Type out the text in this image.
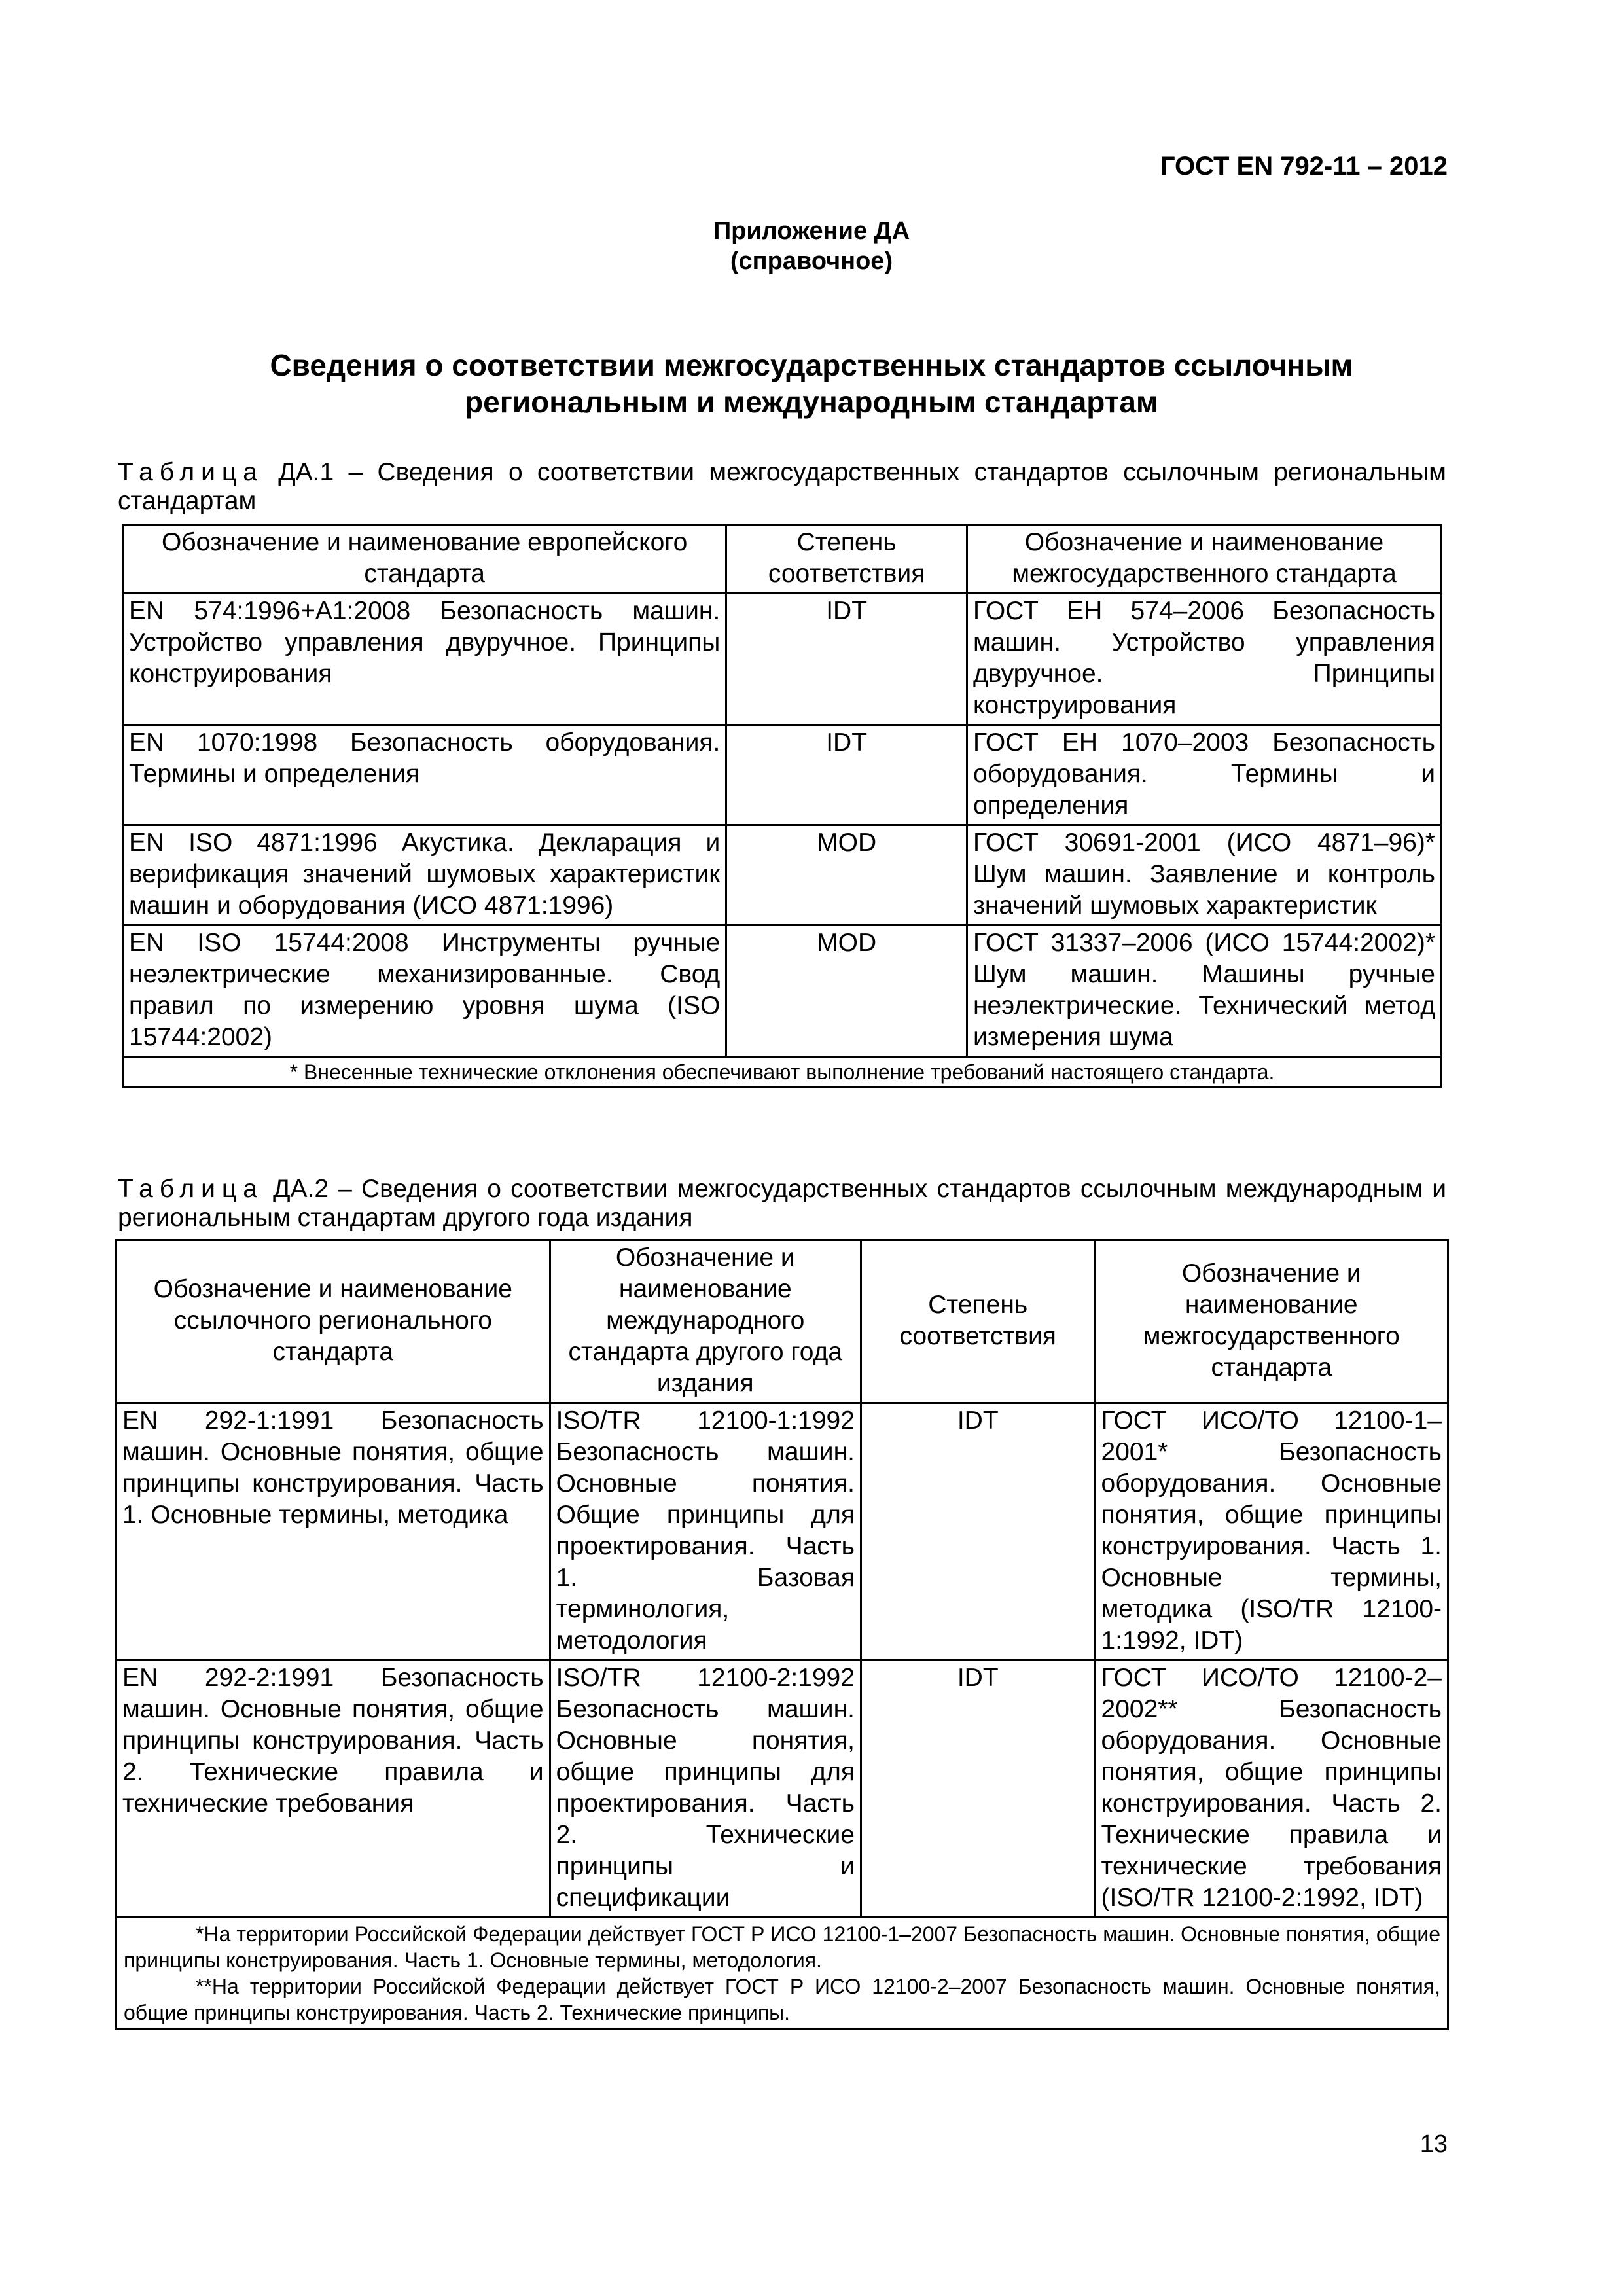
ГОСТ EN 792-11 – 2012
Приложение ДА
(справочное)
Сведения о соответствии межгосударственных стандартов ссылочным
региональным и международным стандартам
Таблица ДА.1 – Сведения о соответствии межгосударственных стандартов ссылочным региональным стандартам
Обозначение и наименование европейского стандарта	Степень соответствия	Обозначение и наименование межгосударственного стандарта
EN 574:1996+A1:2008 Безопасность машин. Устройство управления двуручное. Принципы конструирования	IDT	ГОСТ ЕН 574–2006 Безопасность машин. Устройство управления двуручное. Принципы конструирования
EN 1070:1998 Безопасность оборудования. Термины и определения	IDT	ГОСТ ЕН 1070–2003 Безопасность оборудования. Термины и определения
EN ISO 4871:1996 Акустика. Декларация и верификация значений шумовых характеристик машин и оборудования (ИСО 4871:1996)	MOD	ГОСТ 30691-2001 (ИСО 4871–96)* Шум машин. Заявление и контроль значений шумовых характеристик
EN ISO 15744:2008 Инструменты ручные неэлектрические механизированные. Свод правил по измерению уровня шума (ISO 15744:2002)	MOD	ГОСТ 31337–2006 (ИСО 15744:2002)* Шум машин. Машины ручные неэлектрические. Технический метод измерения шума
* Внесенные технические отклонения обеспечивают выполнение требований настоящего стандарта.		
Таблица ДА.2 – Сведения о соответствии межгосударственных стандартов ссылочным международным и региональным стандартам другого года издания
Обозначение и наименование ссылочного регионального стандарта	Обозначение и наименование международного стандарта другого года издания	Степень соответствия	Обозначение и наименование межгосударственного стандарта
EN 292-1:1991 Безопасность машин. Основные понятия, общие принципы конструирования. Часть 1. Основные термины, методика	ISO/TR 12100-1:1992 Безопасность машин. Основные понятия. Общие принципы для проектирования. Часть 1. Базовая терминология, методология	IDT	ГОСТ ИСО/ТО 12100-1–2001* Безопасность оборудования. Основные понятия, общие принципы конструирования. Часть 1. Основные термины, методика (ISO/TR 12100-1:1992, IDT)
EN 292-2:1991 Безопасность машин. Основные понятия, общие принципы конструирования. Часть 2. Технические правила и технические требования	ISO/TR 12100-2:1992 Безопасность машин. Основные понятия, общие принципы для проектирования. Часть 2. Технические принципы и спецификации	IDT	ГОСТ ИСО/ТО 12100-2–2002** Безопасность оборудования. Основные понятия, общие принципы конструирования. Часть 2. Технические правила и технические требования (ISO/TR 12100-2:1992, IDT)

*На территории Российской Федерации действует ГОСТ Р ИСО 12100-1–2007 Безопасность машин. Основные понятия, общие принципы конструирования. Часть 1. Основные термины, методология.

**На территории Российской Федерации действует ГОСТ Р ИСО 12100-2–2007 Безопасность машин. Основные понятия, общие принципы конструирования. Часть 2. Технические принципы.			

13
